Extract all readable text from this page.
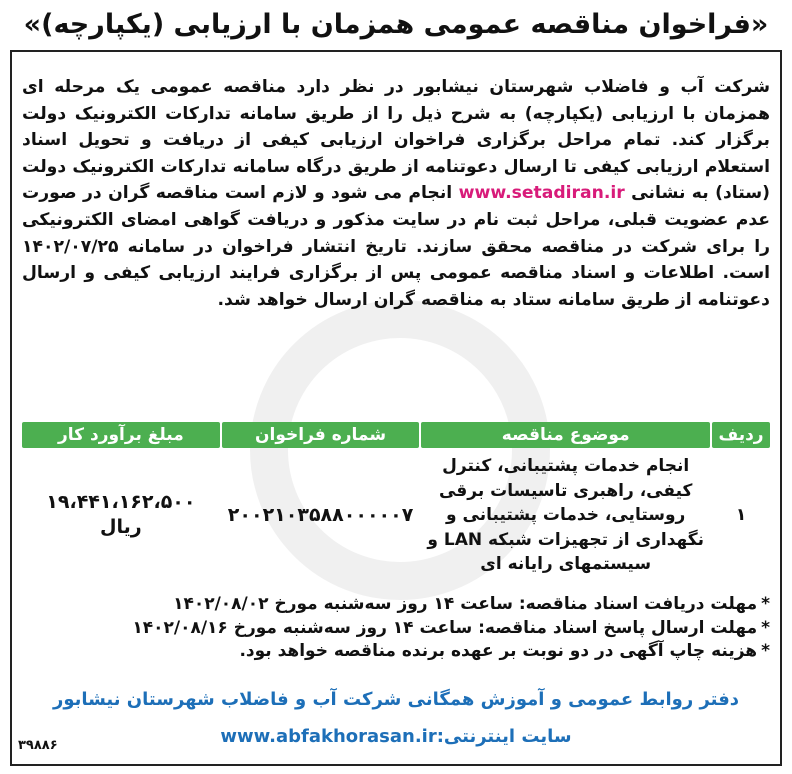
«فراخوان مناقصه عمومی همزمان با ارزیابی (یکپارچه)»
شرکت آب و فاضلاب شهرستان نیشابور در نظر دارد مناقصه عمومی یک مرحله ای همزمان با ارزیابی (یکپارچه) به شرح ذیل را از طریق سامانه تدارکات الکترونیک دولت برگزار کند. تمام مراحل برگزاری فراخوان ارزیابی کیفی از دریافت و تحویل اسناد استعلام ارزیابی کیفی تا ارسال دعوتنامه از طریق درگاه سامانه تدارکات الکترونیک دولت (ستاد) به نشانی www.setadiran.ir انجام می شود و لازم است مناقصه گران در صورت عدم عضویت قبلی، مراحل ثبت نام در سایت مذکور و دریافت گواهی امضای الکترونیکی را برای شرکت در مناقصه محقق سازند. تاریخ انتشار فراخوان در سامانه ۱۴۰۲/۰۷/۲۵ است. اطلاعات و اسناد مناقصه عمومی پس از برگزاری فرایند ارزیابی کیفی و ارسال دعوتنامه از طریق سامانه ستاد به مناقصه گران ارسال خواهد شد.
ردیف	موضوع مناقصه	شماره فراخوان	مبلغ برآورد کار
۱	انجام خدمات پشتیبانی، کنترل کیفی، راهبری تاسیسات برقی روستایی، خدمات پشتیبانی و نگهداری از تجهیزات شبکه LAN و سیستمهای رایانه ای	۲۰۰۲۱۰۳۵۸۸۰۰۰۰۰۷	۱۹،۴۴۱،۱۶۲،۵۰۰
ریال
*مهلت دریافت اسناد مناقصه: ساعت ۱۴ روز سه‌شنبه مورخ ۱۴۰۲/۰۸/۰۲
*مهلت ارسال پاسخ اسناد مناقصه: ساعت ۱۴ روز سه‌شنبه مورخ ۱۴۰۲/۰۸/۱۶
*هزینه چاپ آگهی در دو نوبت بر عهده برنده مناقصه خواهد بود.
دفتر روابط عمومی و آموزش همگانی شرکت آب و فاضلاب شهرستان نیشابور
سایت اینترنتی:www.abfakhorasan.ir
۳۹۸۸۶
